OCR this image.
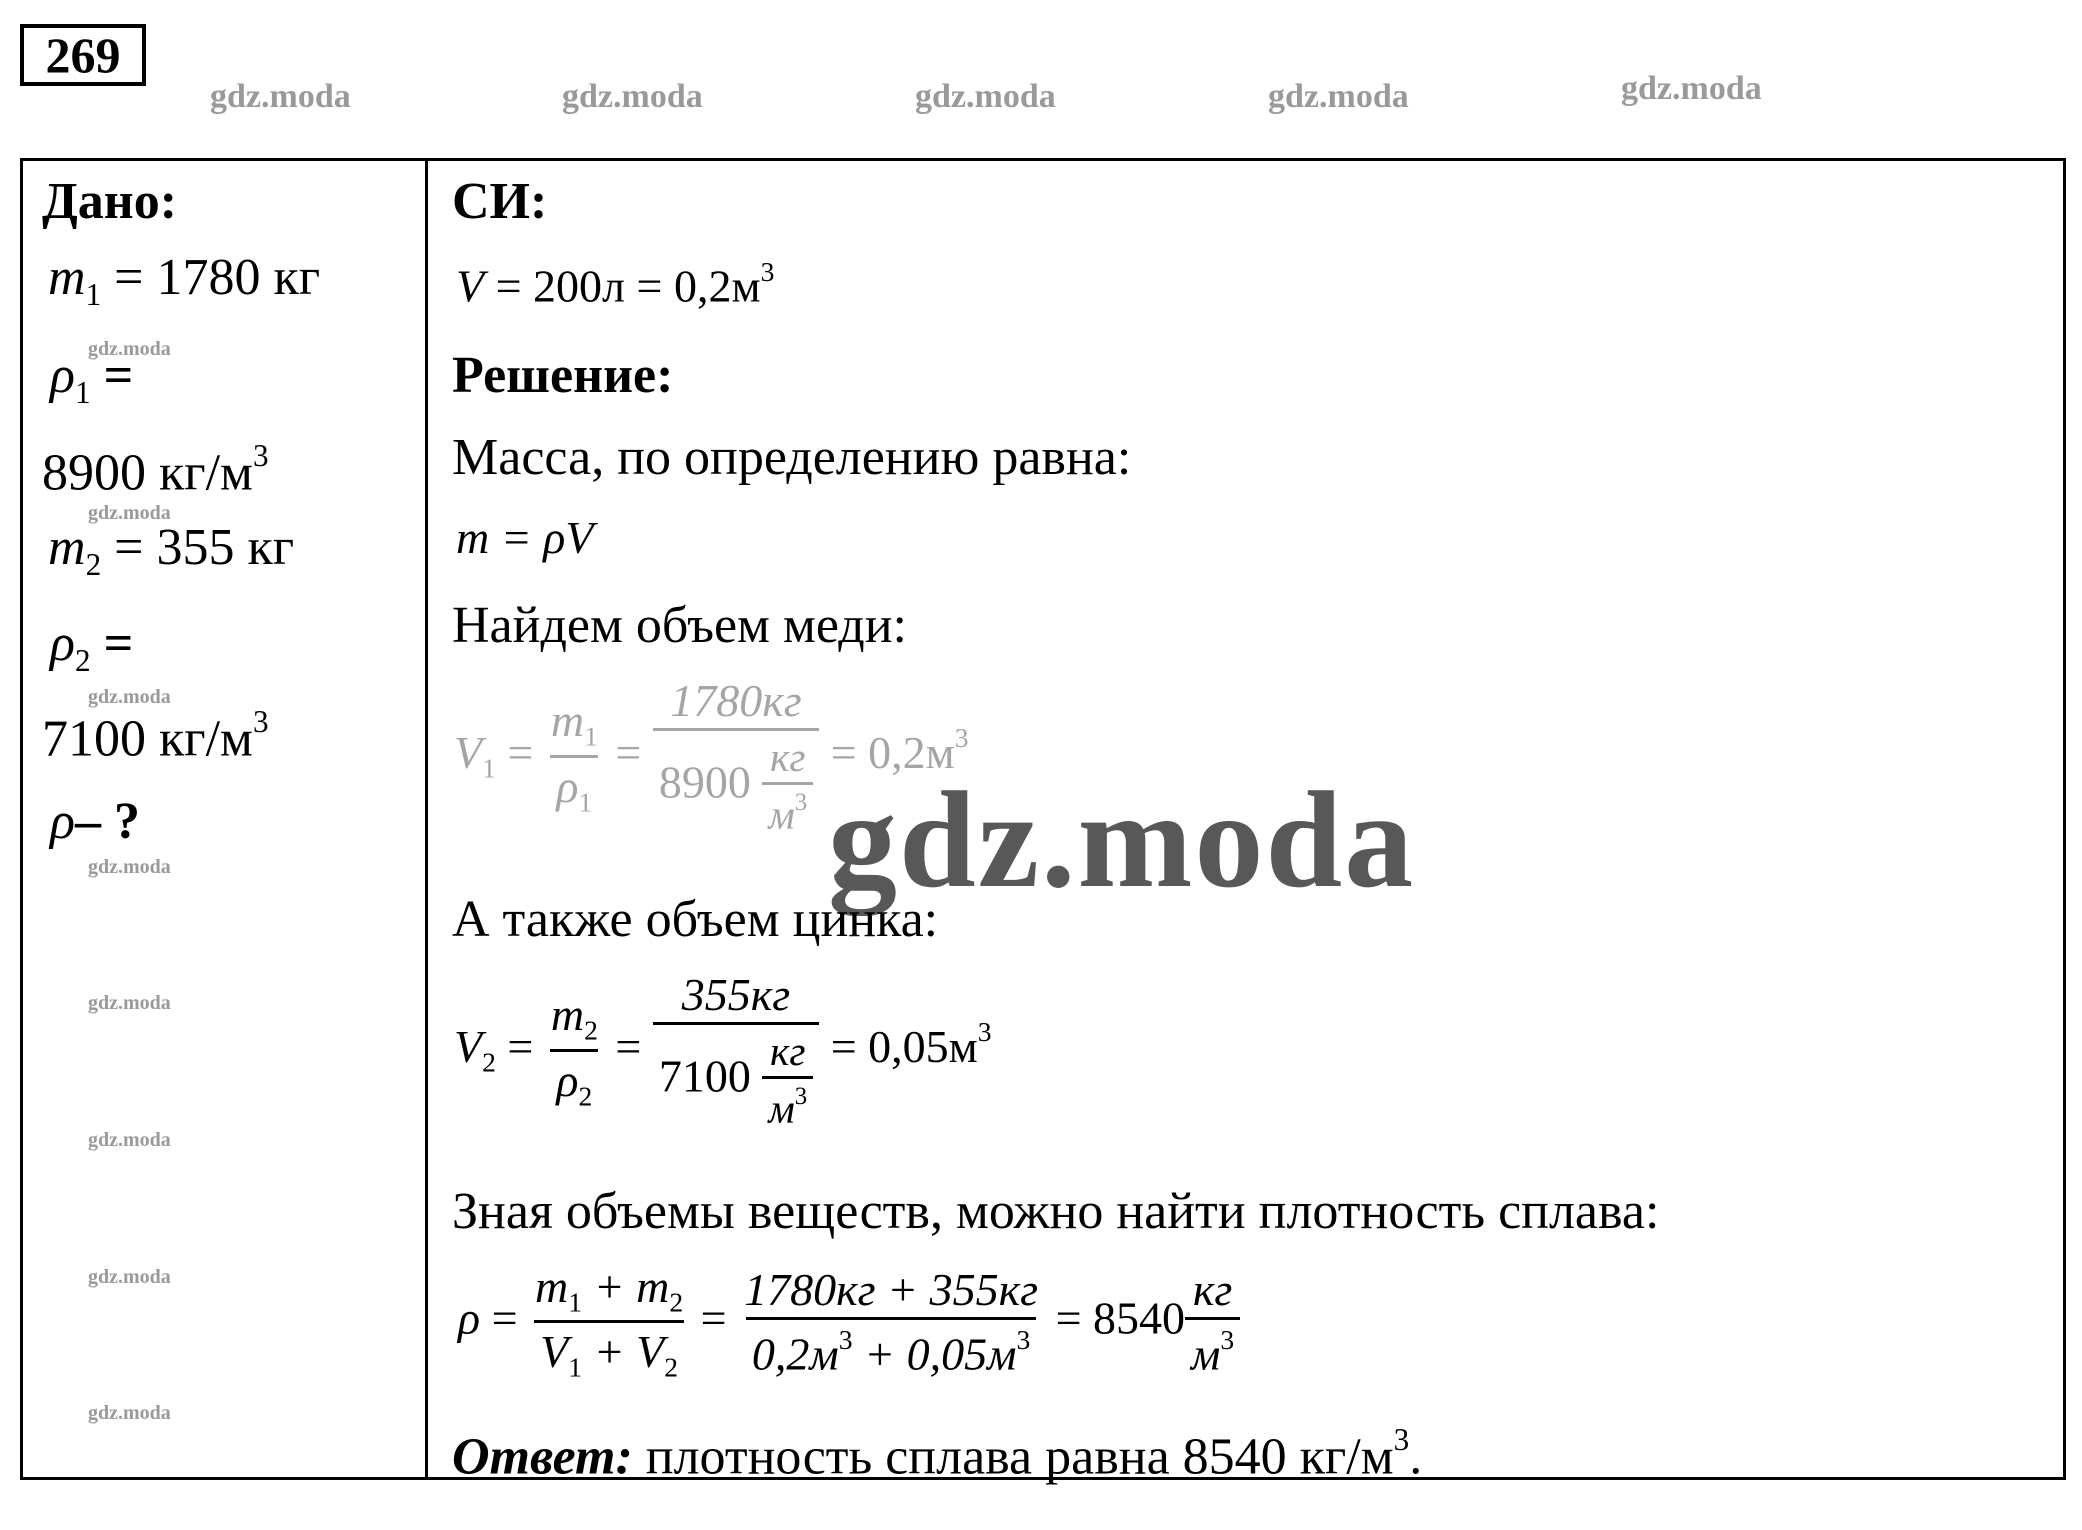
269
gdz.moda	gdz.moda	gdz.moda	gdz.moda	gdz.moda
Дано:
$m_1 = 1780$ кг
gdz.moda
$\rho_1$ =
8900 $кг/м^3$
gdz.moda
$m_2 = 355$ кг
$\rho_2$ =
gdz.moda
7100 $кг/м^3$
ρ– ?
gdz.moda
gdz.moda
gdz.moda
gdz.moda
gdz.moda
СИ:
$V = 200л = 0,2м^3$
Решение:
Масса, по определению равна:
m = ρV
Найдем объем меди:
$V_1 = \frac{m_1}{\rho_1}$ =
1780кг
8900 кг
$м^3$
= $0,2м^3$
gdz.moda
А также объем цинка:
$V_2 = \frac{m_2}{\rho_2}$ =
355кг
7100 кг
$м^3$
= $0,05м^3$
Зная объемы веществ, можно найти плотность сплава:
$\rho = \frac{m_1 + m_2}{V_1 + V_2}$ =
1780кг + 355кг
$0,2м^3 + 0,05м^3 = 8540$
кг
$м^3$
Ответ: плотность сплава равна 8540 $кг/м^3$.
